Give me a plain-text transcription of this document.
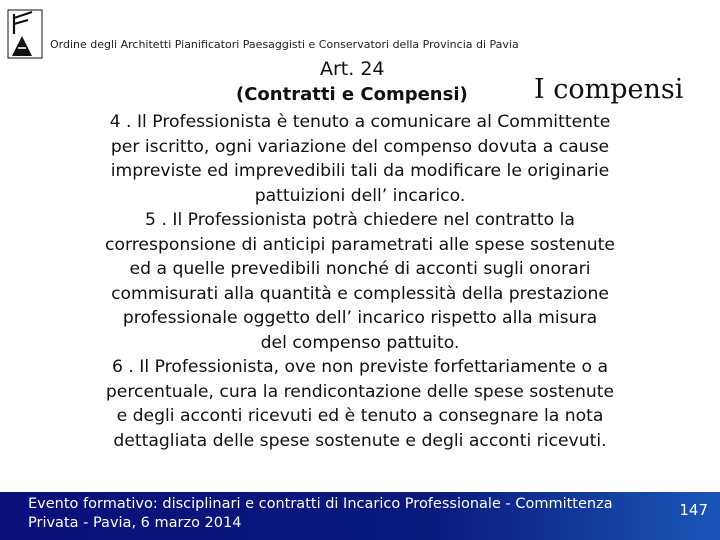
Ordine degli Architetti Pianificatori Paesaggisti e Conservatori della Provincia di Pavia
Art. 24
(Contratti e Compensi) I compensi

4 . Il Professionista è tenuto a comunicare al Committente
per iscritto, ogni variazione del compenso dovuta a cause
impreviste ed imprevedibili tali da modificare le originarie
pattuizioni dell’ incarico.

5 . Il Professionista potrà chiedere nel contratto la
corresponsione di anticipi parametrati alle spese sostenute
ed a quelle prevedibili nonché di acconti sugli onorari
commisurati alla quantità e complessità della prestazione
professionale oggetto dell’ incarico rispetto alla misura
del compenso pattuito.

6 . Il Professionista, ove non previste forfettariamente o a
percentuale, cura la rendicontazione delle spese sostenute
e degli acconti ricevuti ed è tenuto a consegnare la nota
dettagliata delle spese sostenute e degli acconti ricevuti.

Evento formativo: disciplinari e contratti di Incarico Professionale - Committenza
Privata - Pavia, 6 marzo 2014
147
